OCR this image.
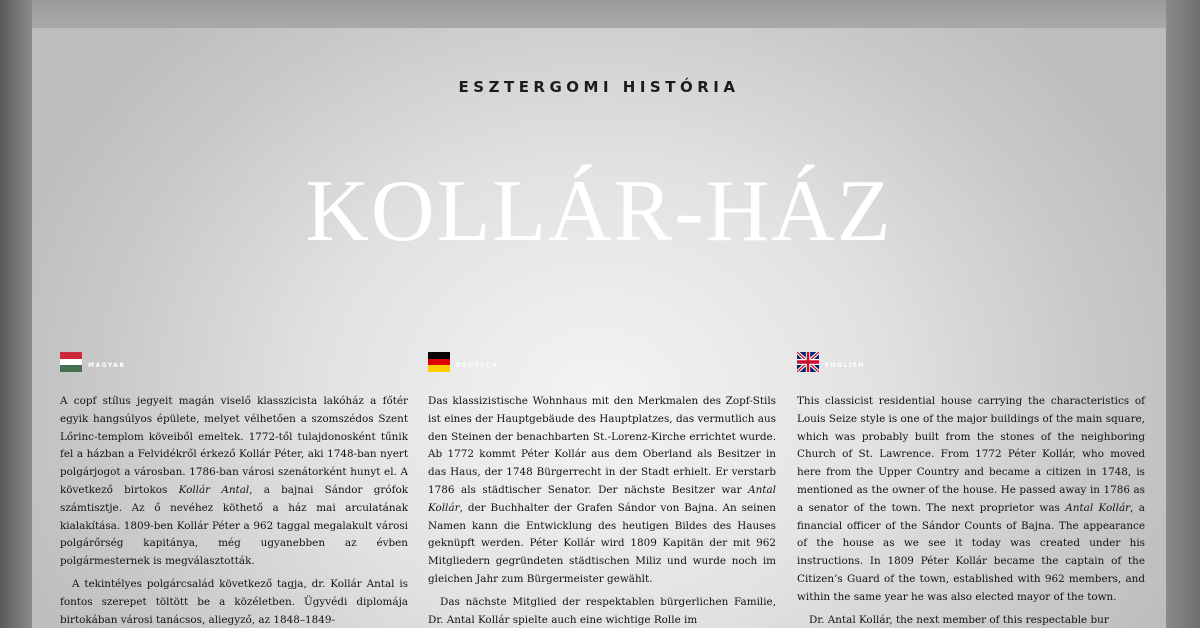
ESZTERGOMI HISTÓRIA
KOLLÁR-HÁZ
MAGYAR

A copf stílus jegyeit magán viselő klasszicista lakóház a főtér egyik hangsúlyos épülete, melyet vélhetően a szomszédos Szent Lőrinc-templom köveiből emeltek. 1772-től tulajdonosként tűnik fel a házban a Felvidékről érkező Kollár Péter, aki 1748-ban nyert polgárjogot a városban. 1786-ban városi szenátorként hunyt el. A következő birtokos Kollár Antal, a bajnai Sándor grófok számtisztje. Az ő nevéhez köthető a ház mai arculatának kialakítása. 1809-ben Kollár Péter a 962 taggal megalakult városi polgárőrség kapitánya, még ugyanebben az évben polgármesternek is megválasztották.

A tekintélyes polgárcsalád következő tagja, dr. Kollár Antal is fontos szerepet töltött be a közéletben. Ügyvédi diplomája birtokában városi tanácsos, aliegyző, az 1848–1849-

DEUTSCH

Das klassizistische Wohnhaus mit den Merkmalen des Zopf-Stils ist eines der Hauptgebäude des Hauptplatzes, das vermutlich aus den Steinen der benachbarten St.-Lorenz-Kirche errichtet wurde. Ab 1772 kommt Péter Kollár aus dem Oberland als Besitzer in das Haus, der 1748 Bürgerrecht in der Stadt erhielt. Er verstarb 1786 als städtischer Senator. Der nächste Besitzer war Antal Kollár, der Buchhalter der Grafen Sándor von Bajna. An seinen Namen kann die Entwicklung des heutigen Bildes des Hauses geknüpft werden. Péter Kollár wird 1809 Kapitän der mit 962 Mitgliedern gegründeten städtischen Miliz und wurde noch im gleichen Jahr zum Bürgermeister gewählt.

Das nächste Mitglied der respektablen bürgerlichen Familie, Dr. Antal Kollár spielte auch eine wichtige Rolle im

ENGLISH

This classicist residential house carrying the characteristics of Louis Seize style is one of the major buildings of the main square, which was probably built from the stones of the neighboring Church of St. Lawrence. From 1772 Péter Kollár, who moved here from the Upper Country and became a citizen in 1748, is mentioned as the owner of the house. He passed away in 1786 as a senator of the town. The next proprietor was Antal Kollár, a financial officer of the Sándor Counts of Bajna. The appearance of the house as we see it today was created under his instructions. In 1809 Péter Kollár became the captain of the Citizen’s Guard of the town, established with 962 members, and within the same year he was also elected mayor of the town.

Dr. Antal Kollár, the next member of this respectable bur
